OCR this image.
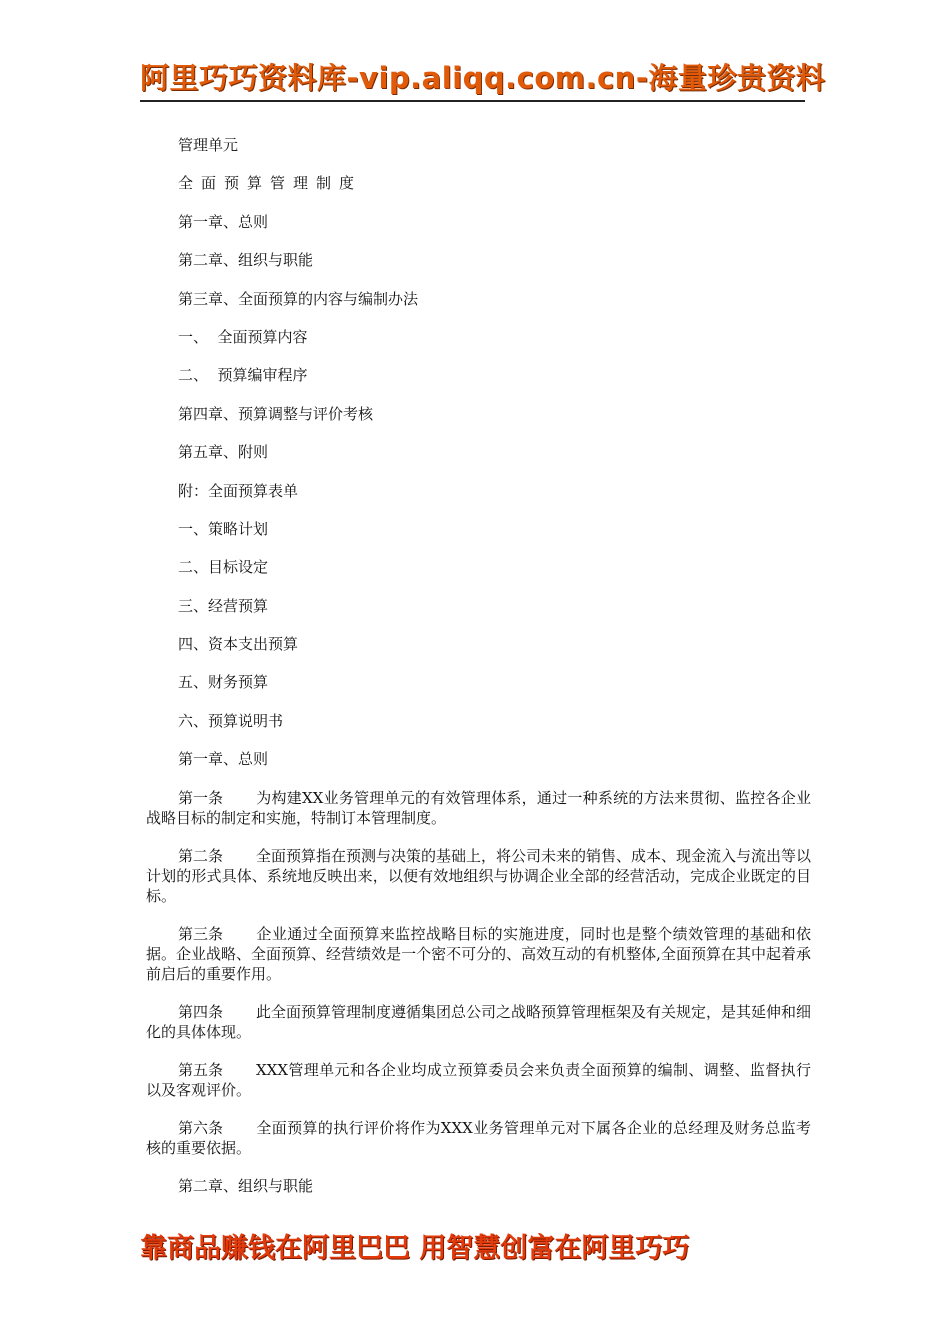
阿里巧巧资料库-vip.aliqq.com.cn-海量珍贵资料
管理单元
全面预算管理制度
第一章、总则
第二章、组织与职能
第三章、全面预算的内容与编制办法
一、  全面预算内容
二、  预算编审程序
第四章、预算调整与评价考核
第五章、附则
附：全面预算表单
一、策略计划
二、目标设定
三、经营预算
四、资本支出预算
五、财务预算
六、预算说明书
第一章、总则
第一条 为构建XX业务管理单元的有效管理体系，通过一种系统的方法来贯彻、监控各企业战略目标的制定和实施，特制订本管理制度。
第二条 全面预算指在预测与决策的基础上，将公司未来的销售、成本、现金流入与流出等以计划的形式具体、系统地反映出来，以便有效地组织与协调企业全部的经营活动，完成企业既定的目标。
第三条 企业通过全面预算来监控战略目标的实施进度，同时也是整个绩效管理的基础和依据。企业战略、全面预算、经营绩效是一个密不可分的、高效互动的有机整体,全面预算在其中起着承前启后的重要作用。
第四条 此全面预算管理制度遵循集团总公司之战略预算管理框架及有关规定，是其延伸和细化的具体体现。
第五条 XXX管理单元和各企业均成立预算委员会来负责全面预算的编制、调整、监督执行以及客观评价。
第六条 全面预算的执行评价将作为XXX业务管理单元对下属各企业的总经理及财务总监考核的重要依据。
第二章、组织与职能
靠商品赚钱在阿里巴巴 用智慧创富在阿里巧巧
